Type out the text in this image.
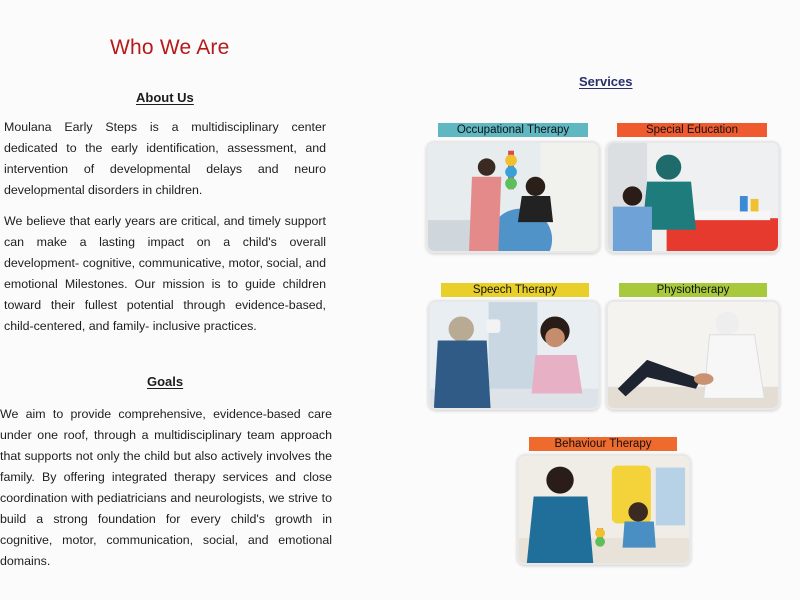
Who We Are
About Us

Moulana Early Steps is a multidisciplinary center dedicated to the early identification, assessment, and intervention of developmental delays and neuro developmental disorders in children.

We believe that early years are critical, and timely support can make a lasting impact on a child's overall development- cognitive, communicative, motor, social, and emotional Milestones. Our mission is to guide children toward their fullest potential through evidence-based, child-centered, and family- inclusive practices.

Goals

We aim to provide comprehensive, evidence-based care under one roof, through a multidisciplinary team approach that supports not only the child but also actively involves the family. By offering integrated therapy services and close coordination with pediatricians and neurologists, we strive to build a strong foundation for every child's growth in cognitive, motor, communication, social, and emotional domains.

Services
Occupational Therapy	Special Education
Speech Therapy	Physiotherapy
Behaviour Therapy
